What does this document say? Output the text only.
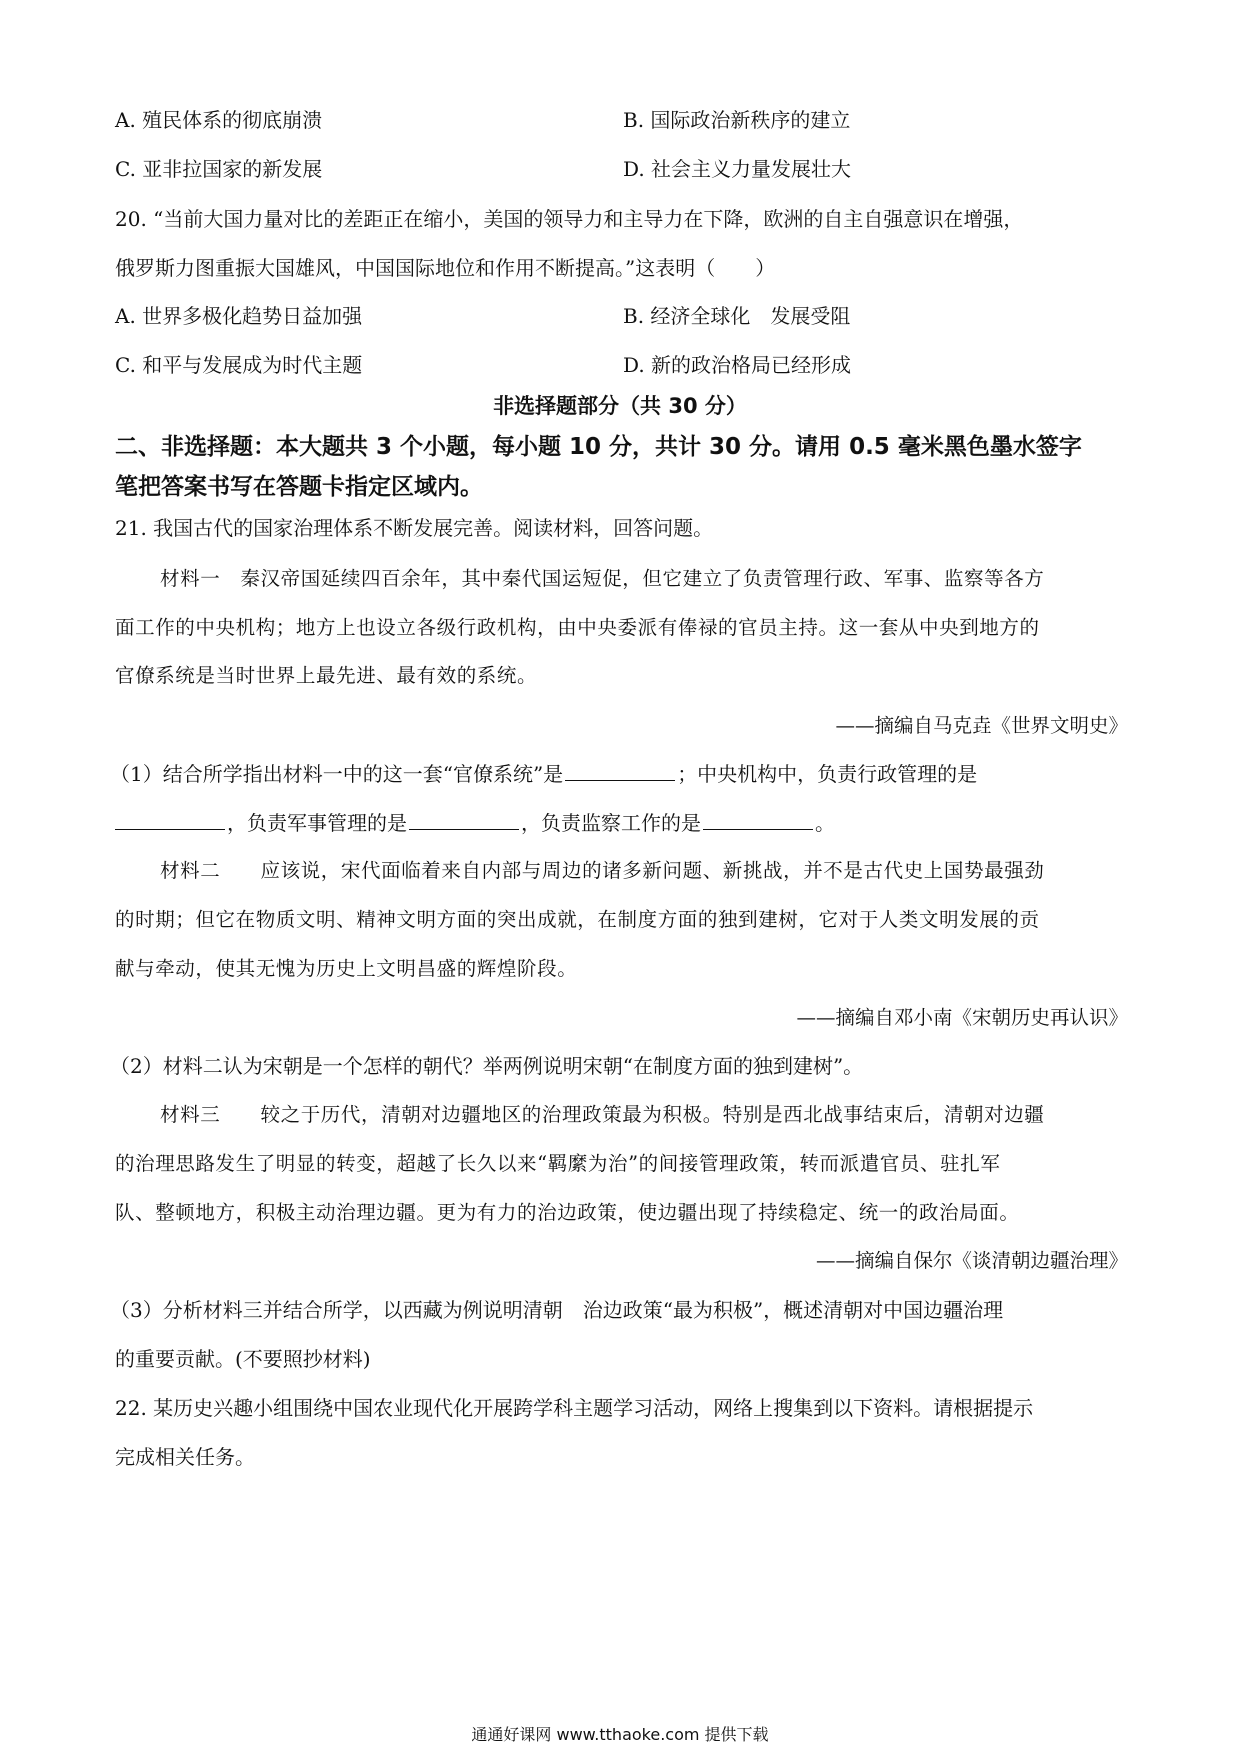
A. 殖民体系的彻底崩溃	B. 国际政治新秩序的建立
C. 亚非拉国家的新发展	D. 社会主义力量发展壮大
20. “当前大国力量对比的差距正在缩小，美国的领导力和主导力在下降，欧洲的自主自强意识在增强，
俄罗斯力图重振大国雄风，中国国际地位和作用不断提高。”这表明（　　）
A. 世界多极化趋势日益加强	B. 经济全球化　发展受阻
C. 和平与发展成为时代主题	D. 新的政治格局已经形成
非选择题部分（共 30 分）
二、非选择题：本大题共 3 个小题，每小题 10 分，共计 30 分。请用 0.5 毫米黑色墨水签字
笔把答案书写在答题卡指定区域内。
21. 我国古代的国家治理体系不断发展完善。阅读材料，回答问题。
材料一　秦汉帝国延续四百余年，其中秦代国运短促，但它建立了负责管理行政、军事、监察等各方
面工作的中央机构；地方上也设立各级行政机构，由中央委派有俸禄的官员主持。这一套从中央到地方的
官僚系统是当时世界上最先进、最有效的系统。
——摘编自马克垚《世界文明史》
（1）结合所学指出材料一中的这一套“官僚系统”是	；中央机构中，负责行政管理的是
，负责军事管理的是	，负责监察工作的是	。
材料二　　应该说，宋代面临着来自内部与周边的诸多新问题、新挑战，并不是古代史上国势最强劲
的时期；但它在物质文明、精神文明方面的突出成就，在制度方面的独到建树，它对于人类文明发展的贡
献与牵动，使其无愧为历史上文明昌盛的辉煌阶段。
——摘编自邓小南《宋朝历史再认识》
（2）材料二认为宋朝是一个怎样的朝代？举两例说明宋朝“在制度方面的独到建树”。
材料三　　较之于历代，清朝对边疆地区的治理政策最为积极。特别是西北战事结束后，清朝对边疆
的治理思路发生了明显的转变，超越了长久以来“羁縻为治”的间接管理政策，转而派遣官员、驻扎军
队、整顿地方，积极主动治理边疆。更为有力的治边政策，使边疆出现了持续稳定、统一的政治局面。
——摘编自保尔《谈清朝边疆治理》
（3）分析材料三并结合所学，以西藏为例说明清朝　治边政策“最为积极”，概述清朝对中国边疆治理
的重要贡献。(不要照抄材料)
22. 某历史兴趣小组围绕中国农业现代化开展跨学科主题学习活动，网络上搜集到以下资料。请根据提示
完成相关任务。
通通好课网 www.tthaoke.com 提供下载
